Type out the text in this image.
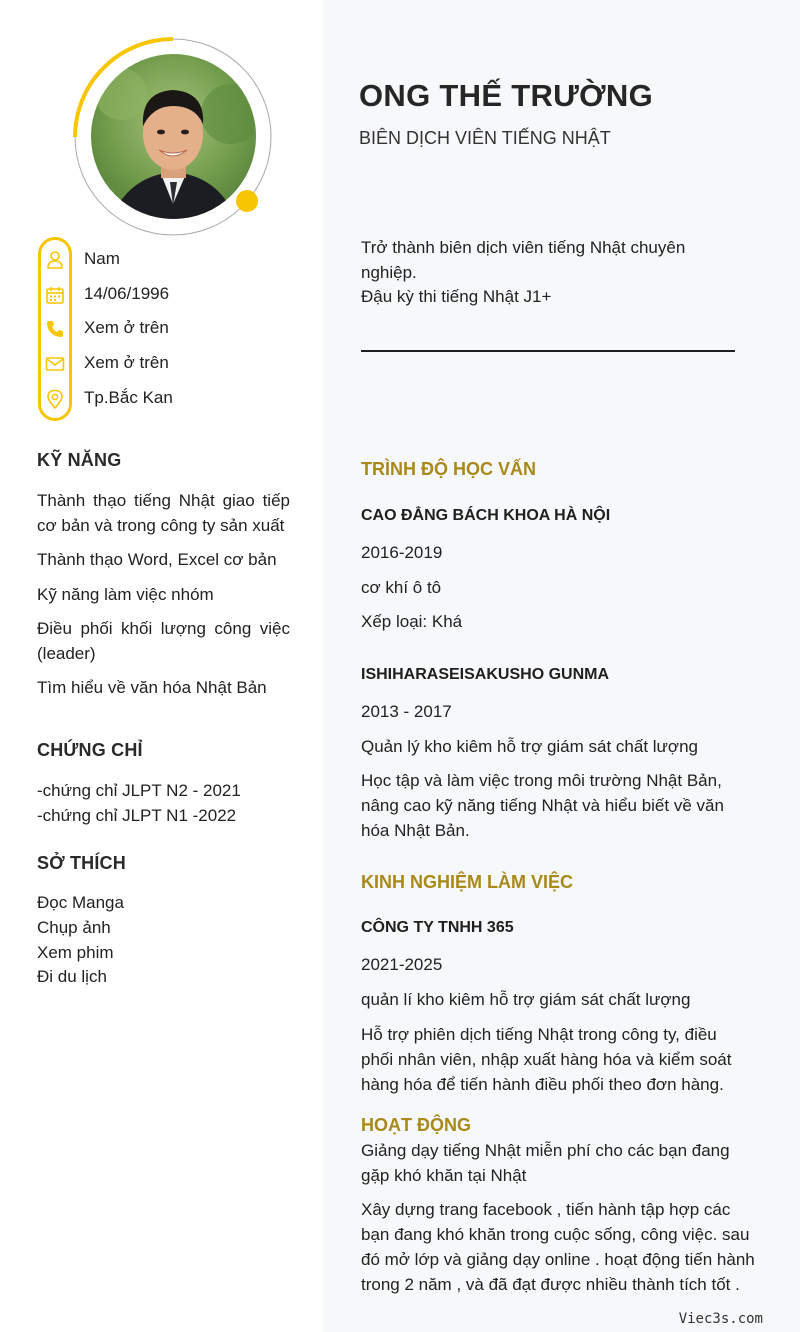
Nam
14/06/1996
Xem ở trên
Xem ở trên
Tp.Bắc Kan
KỸ NĂNG
Thành thạo tiếng Nhật giao tiếp cơ bản và trong công ty sản xuất
Thành thạo Word, Excel cơ bản
Kỹ năng làm việc nhóm
Điều phối khối lượng công việc (leader)
Tìm hiểu về văn hóa Nhật Bản
CHỨNG CHỈ
-chứng chỉ JLPT N2 - 2021
-chứng chỉ JLPT N1 -2022
SỞ THÍCH
Đọc Manga
Chụp ảnh
Xem phim
Đi du lịch
ONG THẾ TRƯỜNG
BIÊN DỊCH VIÊN TIẾNG NHẬT
Trở thành biên dịch viên tiếng Nhật chuyên nghiệp.
Đậu kỳ thi tiếng Nhật J1+
TRÌNH ĐỘ HỌC VẤN
CAO ĐẲNG BÁCH KHOA HÀ NỘI
2016-2019
cơ khí ô tô
Xếp loại: Khá
ISHIHARASEISAKUSHO GUNMA
2013 - 2017
Quản lý kho kiêm hỗ trợ giám sát chất lượng
Học tập và làm việc trong môi trường Nhật Bản, nâng cao kỹ năng tiếng Nhật và hiểu biết về văn hóa Nhật Bản.
KINH NGHIỆM LÀM VIỆC
CÔNG TY TNHH 365
2021-2025
quản lí kho kiêm hỗ trợ giám sát chất lượng
Hỗ trợ phiên dịch tiếng Nhật trong công ty, điều phối nhân viên, nhập xuất hàng hóa và kiểm soát hàng hóa để tiến hành điều phối theo đơn hàng.
HOẠT ĐỘNG
Giảng dạy tiếng Nhật miễn phí cho các bạn đang gặp khó khăn tại Nhật
Xây dựng trang facebook , tiến hành tập hợp các bạn đang khó khăn trong cuộc sống, công việc. sau đó mở lớp và giảng dạy online . hoạt động tiến hành trong 2 năm , và đã đạt được nhiều thành tích tốt .
Viec3s.com
